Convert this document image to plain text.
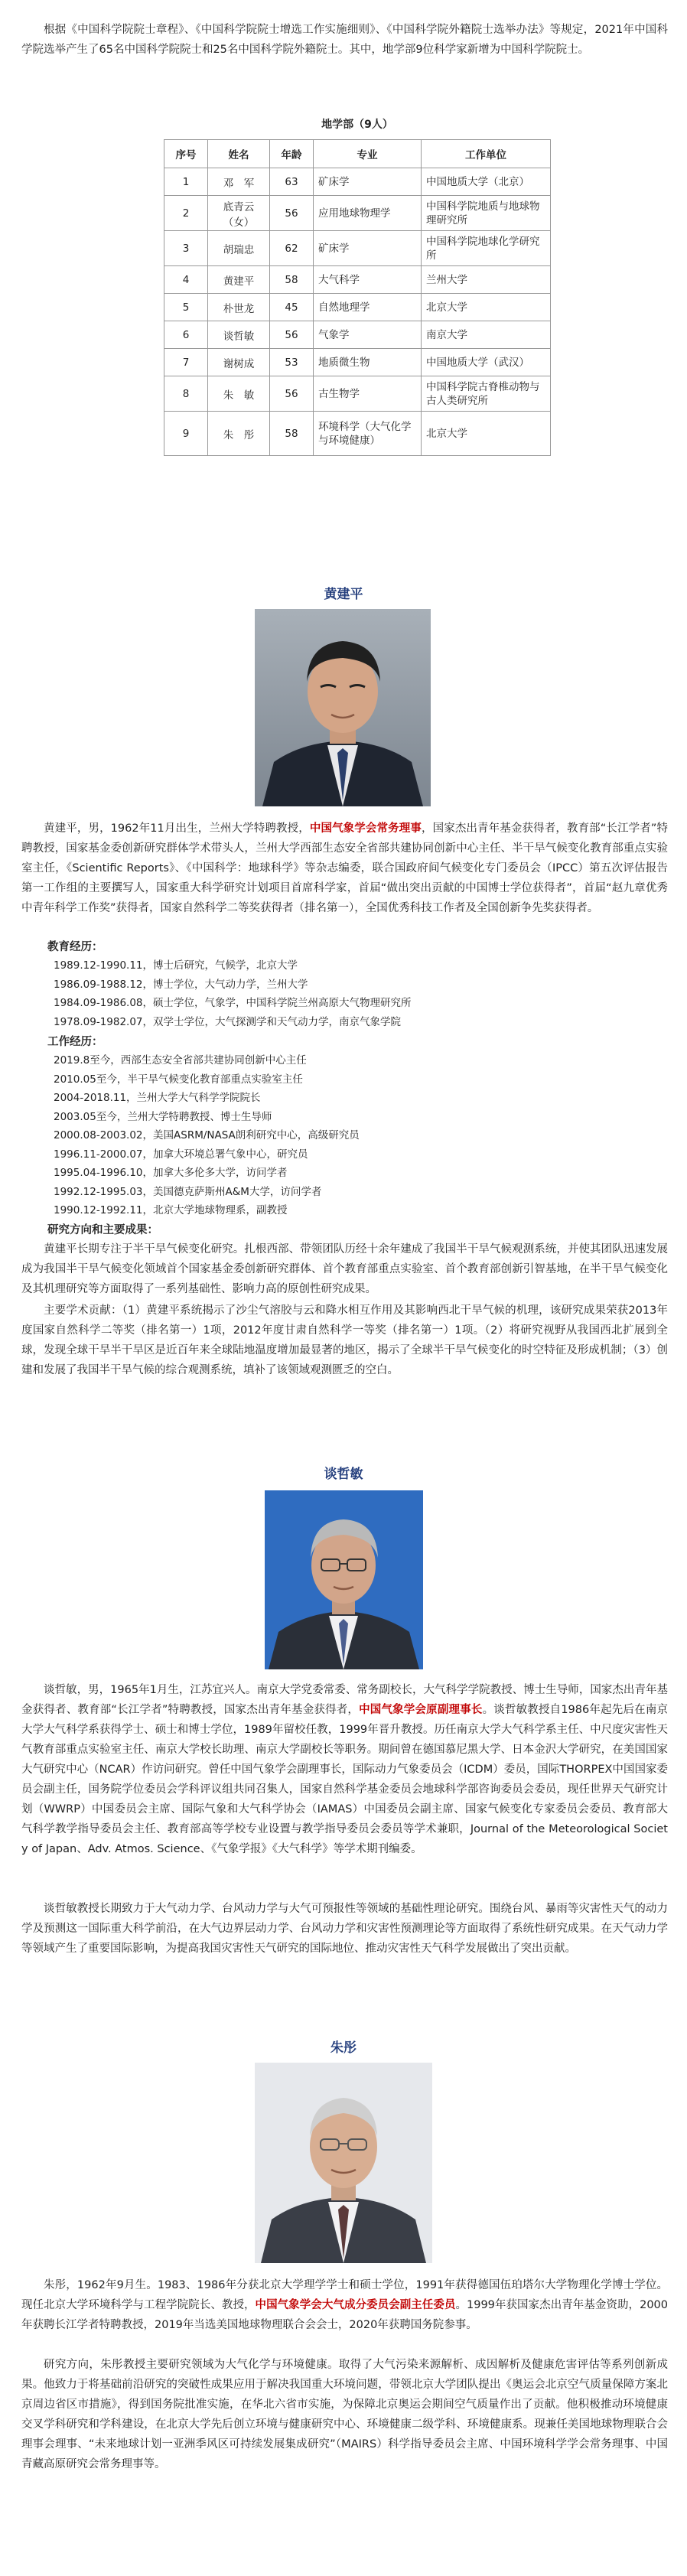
根据《中国科学院院士章程》、《中国科学院院士增选工作实施细则》、《中国科学院外籍院士选举办法》等规定，2021年中国科学院选举产生了65名中国科学院院士和25名中国科学院外籍院士。其中，地学部9位科学家新增为中国科学院院士。

地学部（9人）
序号	姓名	年龄	专业	工作单位
1	邓　军	63	矿床学	中国地质大学（北京）
2	底青云（女）	56	应用地球物理学	中国科学院地质与地球物理研究所
3	胡瑞忠	62	矿床学	中国科学院地球化学研究所
4	黄建平	58	大气科学	兰州大学
5	朴世龙	45	自然地理学	北京大学
6	谈哲敏	56	气象学	南京大学
7	谢树成	53	地质微生物	中国地质大学（武汉）
8	朱　敏	56	古生物学	中国科学院古脊椎动物与古人类研究所
9	朱　彤	58	环境科学（大气化学与环境健康）	北京大学
黄建平

黄建平，男，1962年11月出生，兰州大学特聘教授，中国气象学会常务理事，国家杰出青年基金获得者，教育部“长江学者”特聘教授，国家基金委创新研究群体学术带头人，兰州大学西部生态安全省部共建协同创新中心主任、半干旱气候变化教育部重点实验室主任，《Scientific Reports》、《中国科学：地球科学》等杂志编委，联合国政府间气候变化专门委员会（IPCC）第五次评估报告第一工作组的主要撰写人，国家重大科学研究计划项目首席科学家，首届“做出突出贡献的中国博士学位获得者”，首届“赵九章优秀中青年科学工作奖”获得者，国家自然科学二等奖获得者（排名第一），全国优秀科技工作者及全国创新争先奖获得者。

教育经历：
1989.12-1990.11，博士后研究，气候学，北京大学
1986.09-1988.12，博士学位，大气动力学，兰州大学
1984.09-1986.08，硕士学位，气象学，中国科学院兰州高原大气物理研究所
1978.09-1982.07，双学士学位，大气探测学和天气动力学，南京气象学院
工作经历：
2019.8至今，西部生态安全省部共建协同创新中心主任
2010.05至今，半干旱气候变化教育部重点实验室主任
2004-2018.11，兰州大学大气科学学院院长
2003.05至今，兰州大学特聘教授、博士生导师
2000.08-2003.02，美国ASRM/NASA朗利研究中心，高级研究员
1996.11-2000.07，加拿大环境总署气象中心，研究员
1995.04-1996.10，加拿大多伦多大学，访问学者
1992.12-1995.03，美国德克萨斯州A&M大学，访问学者
1990.12-1992.11，北京大学地球物理系，副教授
研究方向和主要成果：

黄建平长期专注于半干旱气候变化研究。扎根西部、带领团队历经十余年建成了我国半干旱气候观测系统，并使其团队迅速发展成为我国半干旱气候变化领域首个国家基金委创新研究群体、首个教育部重点实验室、首个教育部创新引智基地，在半干旱气候变化及其机理研究等方面取得了一系列基础性、影响力高的原创性研究成果。

主要学术贡献：（1）黄建平系统揭示了沙尘气溶胶与云和降水相互作用及其影响西北干旱气候的机理，该研究成果荣获2013年度国家自然科学二等奖（排名第一）1项，2012年度甘肃自然科学一等奖（排名第一）1项。（2）将研究视野从我国西北扩展到全球，发现全球干旱半干旱区是近百年来全球陆地温度增加最显著的地区，揭示了全球半干旱气候变化的时空特征及形成机制；（3）创建和发展了我国半干旱气候的综合观测系统，填补了该领域观测匮乏的空白。

谈哲敏

谈哲敏，男，1965年1月生，江苏宜兴人。南京大学党委常委、常务副校长，大气科学学院教授、博士生导师，国家杰出青年基金获得者、教育部“长江学者”特聘教授，国家杰出青年基金获得者，中国气象学会原副理事长。谈哲敏教授自1986年起先后在南京大学大气科学系获得学士、硕士和博士学位，1989年留校任教，1999年晋升教授。历任南京大学大气科学系主任、中尺度灾害性天气教育部重点实验室主任、南京大学校长助理、南京大学副校长等职务。期间曾在德国慕尼黑大学、日本金沢大学研究，在美国国家大气研究中心（NCAR）作访问研究。曾任中国气象学会副理事长，国际动力气象委员会（ICDM）委员，国际THORPEX中国国家委员会副主任，国务院学位委员会学科评议组共同召集人，国家自然科学基金委员会地球科学部咨询委员会委员，现任世界天气研究计划（WWRP）中国委员会主席、国际气象和大气科学协会（IAMAS）中国委员会副主席、国家气候变化专家委员会委员、教育部大气科学教学指导委员会主任、教育部高等学校专业设置与教学指导委员会委员等学术兼职，Journal of the Meteorological Society of Japan、Adv. Atmos. Science、《气象学报》《大气科学》等学术期刊编委。

谈哲敏教授长期致力于大气动力学、台风动力学与大气可预报性等领域的基础性理论研究。围绕台风、暴雨等灾害性天气的动力学及预测这一国际重大科学前沿，在大气边界层动力学、台风动力学和灾害性预测理论等方面取得了系统性研究成果。在天气动力学等领域产生了重要国际影响，为提高我国灾害性天气研究的国际地位、推动灾害性天气科学发展做出了突出贡献。

朱彤

朱彤，1962年9月生。1983、1986年分获北京大学理学学士和硕士学位，1991年获得德国伍珀塔尔大学物理化学博士学位。现任北京大学环境科学与工程学院院长、教授，中国气象学会大气成分委员会副主任委员。1999年获国家杰出青年基金资助，2000年获聘长江学者特聘教授，2019年当选美国地球物理联合会会士，2020年获聘国务院参事。

研究方向，朱彤教授主要研究领域为大气化学与环境健康。取得了大气污染来源解析、成因解析及健康危害评估等系列创新成果。他致力于将基础前沿研究的突破性成果应用于解决我国重大环境问题，带领北京大学团队提出《奥运会北京空气质量保障方案北京周边省区市措施》，得到国务院批准实施，在华北六省市实施，为保障北京奥运会期间空气质量作出了贡献。他积极推动环境健康交叉学科研究和学科建设，在北京大学先后创立环境与健康研究中心、环境健康二级学科、环境健康系。现兼任美国地球物理联合会理事会理事、“未来地球计划一亚洲季风区可持续发展集成研究”（MAIRS）科学指导委员会主席、中国环境科学学会常务理事、中国青藏高原研究会常务理事等。
